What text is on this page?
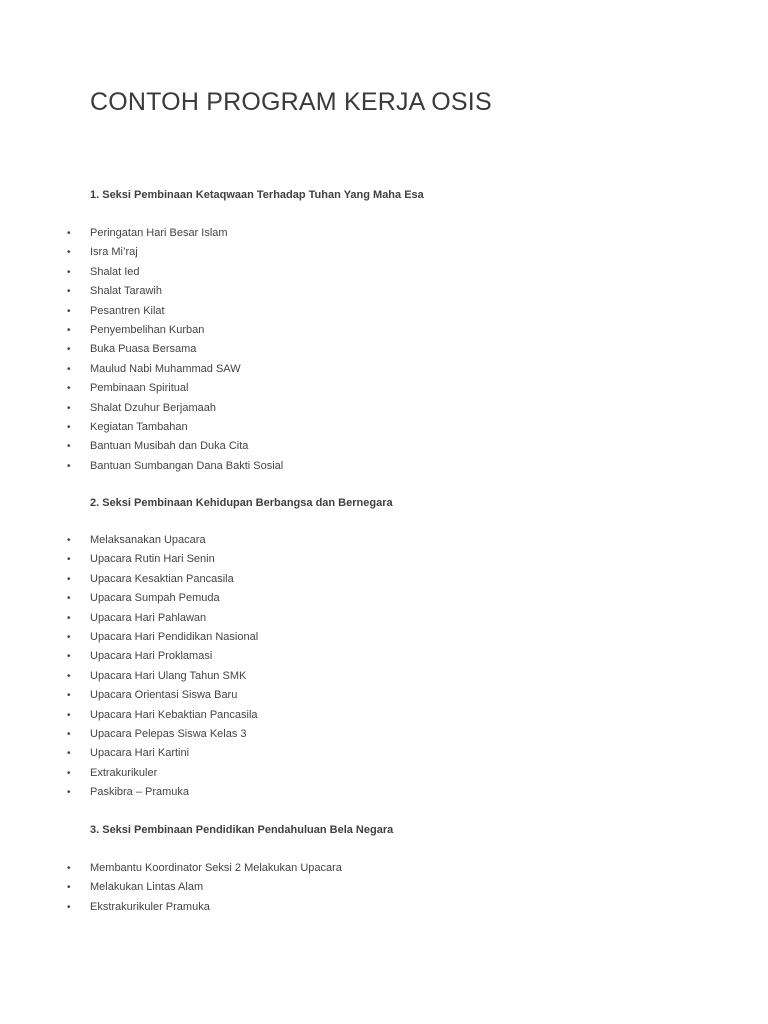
CONTOH PROGRAM KERJA OSIS
1. Seksi Pembinaan Ketaqwaan Terhadap Tuhan Yang Maha Esa
• Peringatan Hari Besar Islam
• Isra Mi’raj
• Shalat Ied
• Shalat Tarawih
• Pesantren Kilat
• Penyembelihan Kurban
• Buka Puasa Bersama
• Maulud Nabi Muhammad SAW
• Pembinaan Spiritual
• Shalat Dzuhur Berjamaah
• Kegiatan Tambahan
• Bantuan Musibah dan Duka Cita
• Bantuan Sumbangan Dana Bakti Sosial
2. Seksi Pembinaan Kehidupan Berbangsa dan Bernegara
• Melaksanakan Upacara
• Upacara Rutin Hari Senin
• Upacara Kesaktian Pancasila
• Upacara Sumpah Pemuda
• Upacara Hari Pahlawan
• Upacara Hari Pendidikan Nasional
• Upacara Hari Proklamasi
• Upacara Hari Ulang Tahun SMK
• Upacara Orientasi Siswa Baru
• Upacara Hari Kebaktian Pancasila
• Upacara Pelepas Siswa Kelas 3
• Upacara Hari Kartini
• Extrakurikuler
• Paskibra – Pramuka
3. Seksi Pembinaan Pendidikan Pendahuluan Bela Negara
• Membantu Koordinator Seksi 2 Melakukan Upacara
• Melakukan Lintas Alam
• Ekstrakurikuler Pramuka
